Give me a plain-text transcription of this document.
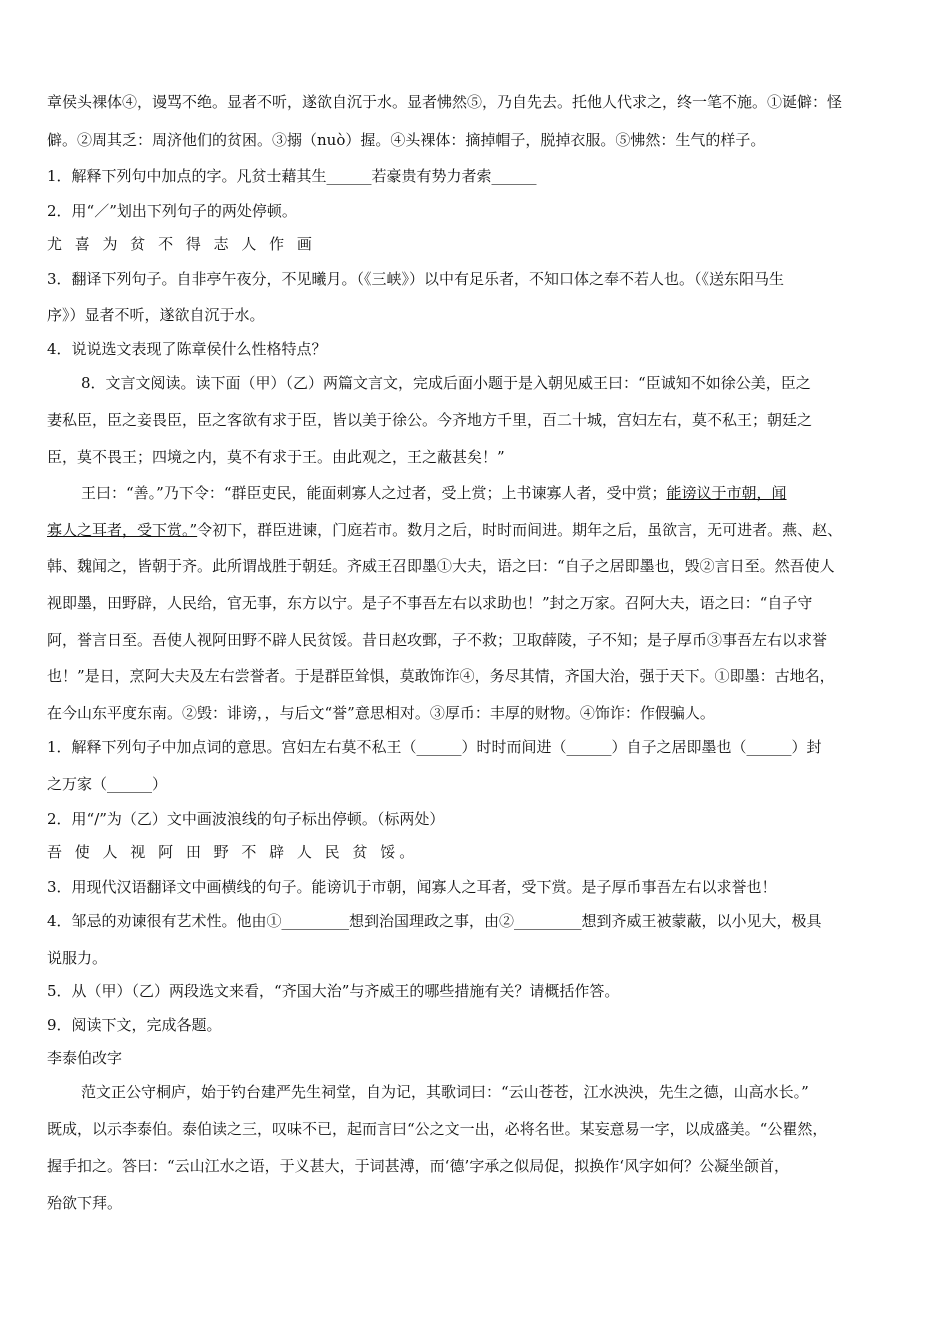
章侯头裸体④，谩骂不绝。显者不听，遂欲自沉于水。显者怫然⑤，乃自先去。托他人代求之，终一笔不施。①诞僻：怪
僻。②周其乏：周济他们的贫困。③搦（nuò）握。④头裸体：摘掉帽子，脱掉衣服。⑤怫然：生气的样子。
1．解释下列句中加点的字。凡贫士藉其生______若豪贵有势力者索______
2．用“／”划出下列句子的两处停顿。
尤 喜 为 贫 不 得 志 人 作 画
3．翻译下列句子。自非亭午夜分，不见曦月。（《三峡》）以中有足乐者，不知口体之奉不若人也。（《送东阳马生
序》）显者不听，遂欲自沉于水。
4．说说选文表现了陈章侯什么性格特点？
8．文言文阅读。读下面（甲）（乙）两篇文言文，完成后面小题于是入朝见威王曰：“臣诚知不如徐公美，臣之
妻私臣，臣之妾畏臣，臣之客欲有求于臣，皆以美于徐公。今齐地方千里，百二十城，宫妇左右，莫不私王；朝廷之
臣，莫不畏王；四境之内，莫不有求于王。由此观之，王之蔽甚矣！”
王曰：“善。”乃下令：“群臣吏民，能面刺寡人之过者，受上赏；上书谏寡人者，受中赏；能谤议于市朝，闻
寡人之耳者，受下赏。”令初下，群臣进谏，门庭若市。数月之后，时时而间进。期年之后，虽欲言，无可进者。燕、赵、
韩、魏闻之，皆朝于齐。此所谓战胜于朝廷。齐威王召即墨①大夫，语之曰：“自子之居即墨也，毁②言日至。然吾使人
视即墨，田野辟，人民给，官无事，东方以宁。是子不事吾左右以求助也！”封之万家。召阿大夫，语之曰：“自子守
阿，誉言日至。吾使人视阿田野不辟人民贫馁。昔日赵攻鄄，子不救；卫取薛陵，子不知；是子厚币③事吾左右以求誉
也！”是日，烹阿大夫及左右尝誉者。于是群臣耸惧，莫敢饰诈④，务尽其情，齐国大治，强于天下。①即墨：古地名，
在今山东平度东南。②毁：诽谤，，与后文“誉”意思相对。③厚币：丰厚的财物。④饰诈：作假骗人。
1．解释下列句子中加点词的意思。宫妇左右莫不私王（______）时时而间进（______）自子之居即墨也（______）封
之万家（______）
2．用“/”为（乙）文中画波浪线的句子标出停顿。（标两处）
吾 使 人 视 阿 田 野 不 辟 人 民 贫 馁。
3．用现代汉语翻译文中画横线的句子。能谤讥于市朝，闻寡人之耳者，受下赏。是子厚币事吾左右以求誉也！
4．邹忌的劝谏很有艺术性。他由①_________想到治国理政之事，由②_________想到齐威王被蒙蔽，以小见大，极具
说服力。
5．从（甲）（乙）两段选文来看，“齐国大治”与齐威王的哪些措施有关？请概括作答。
9．阅读下文，完成各题。
李泰伯改字
范文正公守桐庐，始于钓台建严先生祠堂，自为记，其歌词曰：“云山苍苍，江水泱泱，先生之德，山高水长。”
既成，以示李泰伯。泰伯读之三，叹味不已，起而言曰“公之文一出，必将名世。某妄意易一字，以成盛美。“公瞿然，
握手扣之。答曰：“云山江水之语，于义甚大，于词甚溥，而‘德’字承之似局促，拟换作‘风字如何？公凝坐颌首，
殆欲下拜。
